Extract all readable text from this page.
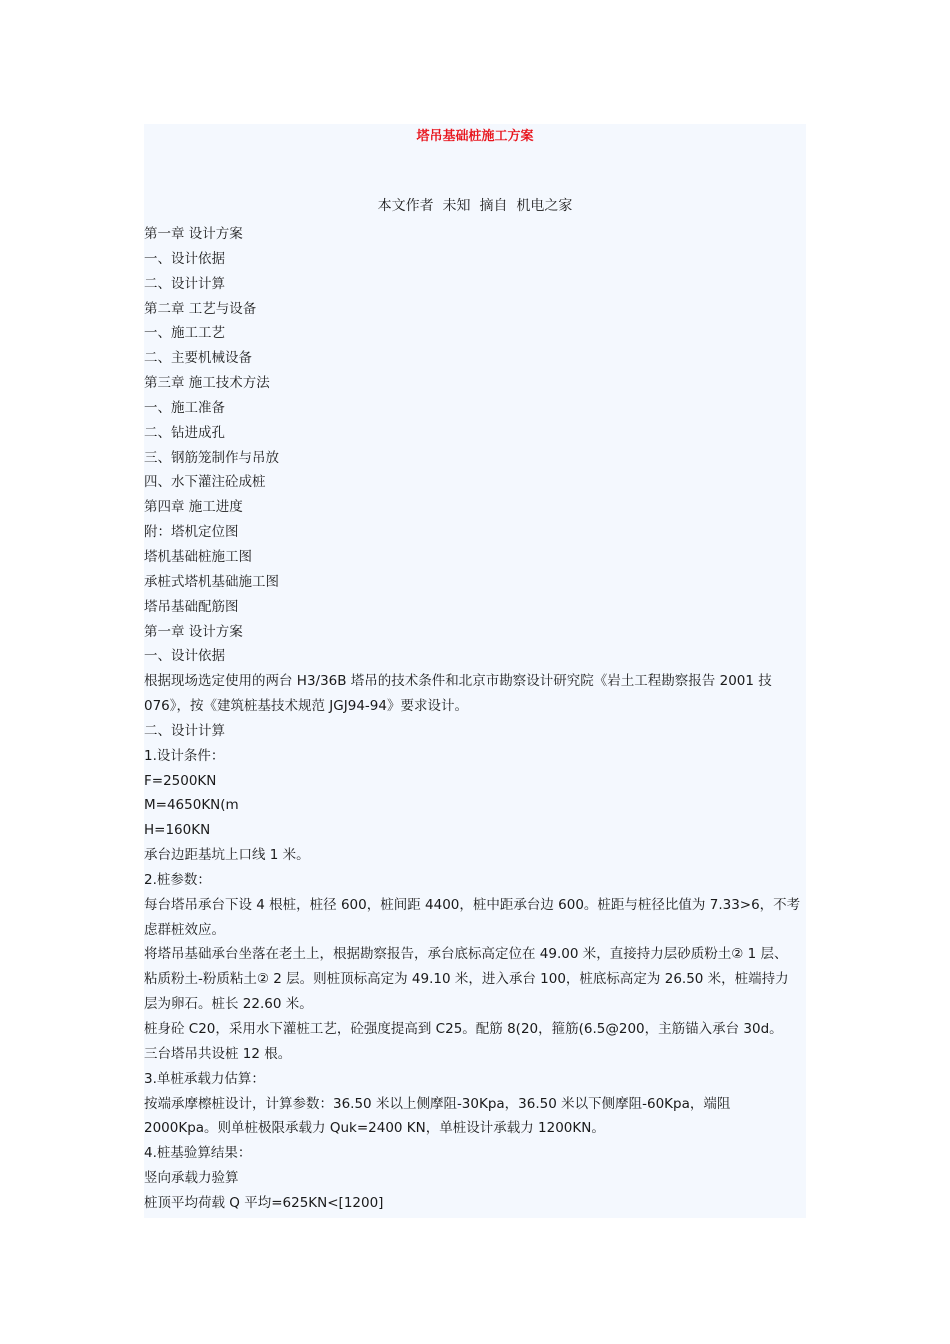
塔吊基础桩施工方案

本文作者  未知  摘自  机电之家

第一章 设计方案
一、设计依据
二、设计计算
第二章 工艺与设备
一、施工工艺
二、主要机械设备
第三章 施工技术方法
一、施工准备
二、钻进成孔
三、钢筋笼制作与吊放
四、水下灌注砼成桩
第四章 施工进度
附：塔机定位图
塔机基础桩施工图
承桩式塔机基础施工图
塔吊基础配筋图
第一章 设计方案
一、设计依据
根据现场选定使用的两台 H3/36B 塔吊的技术条件和北京市勘察设计研究院《岩土工程勘察报告 2001 技
076》，按《建筑桩基技术规范 JGJ94-94》要求设计。
二、设计计算
1.设计条件：
F=2500KN
M=4650KN(m
H=160KN
承台边距基坑上口线 1 米。
2.桩参数：
每台塔吊承台下设 4 根桩，桩径 600，桩间距 4400，桩中距承台边 600。桩距与桩径比值为 7.33>6，不考
虑群桩效应。
将塔吊基础承台坐落在老土上，根据勘察报告，承台底标高定位在 49.00 米，直接持力层砂质粉土② 1 层、
粘质粉土-粉质粘土② 2 层。则桩顶标高定为 49.10 米，进入承台 100，桩底标高定为 26.50 米，桩端持力
层为卵石。桩长 22.60 米。
桩身砼 C20，采用水下灌桩工艺，砼强度提高到 C25。配筋 8(20，箍筋(6.5@200，主筋锚入承台 30d。
三台塔吊共设桩 12 根。
3.单桩承载力估算：
按端承摩檫桩设计，计算参数：36.50 米以上侧摩阻-30Kpa，36.50 米以下侧摩阻-60Kpa，端阻
2000Kpa。则单桩极限承载力 Quk=2400 KN，单桩设计承载力 1200KN。
4.桩基验算结果：
竖向承载力验算
桩顶平均荷载 Q 平均=625KN<[1200]
